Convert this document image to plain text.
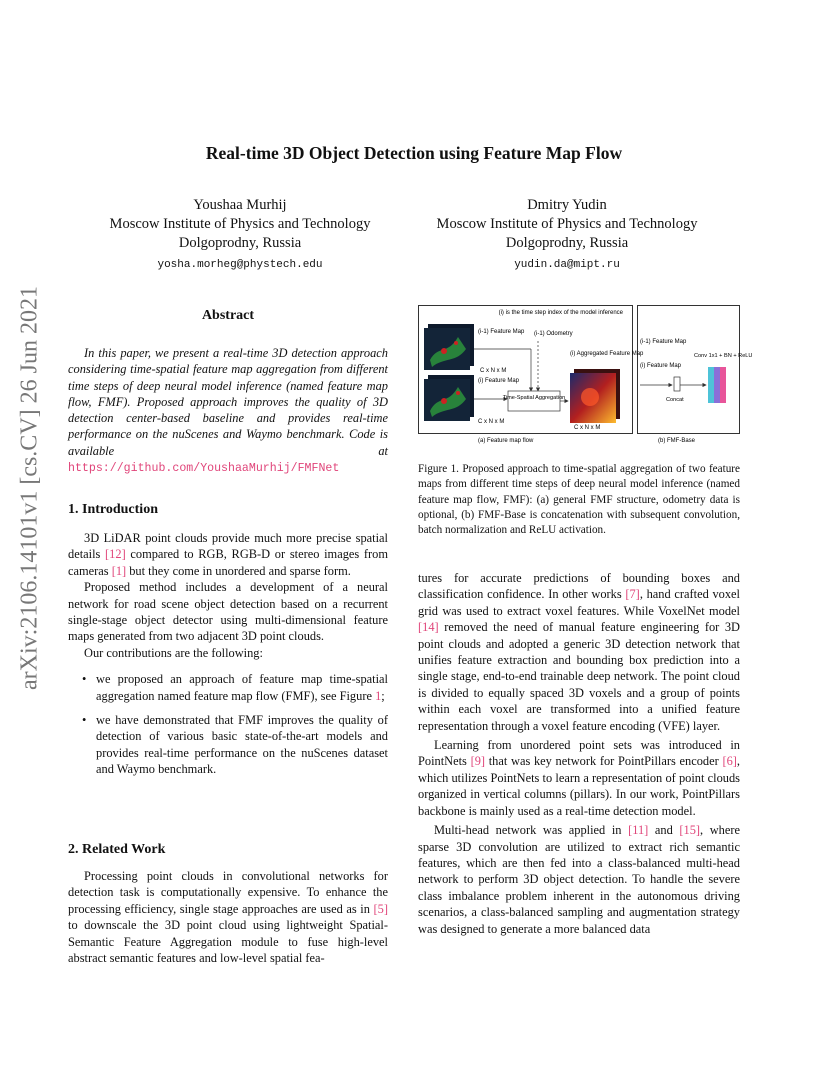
Real-time 3D Object Detection using Feature Map Flow
Youshaa Murhij
Moscow Institute of Physics and Technology
Dolgoprodny, Russia
yosha.morheg@phystech.edu
Dmitry Yudin
Moscow Institute of Physics and Technology
Dolgoprodny, Russia
yudin.da@mipt.ru
arXiv:2106.14101v1 [cs.CV] 26 Jun 2021	Abstract
In this paper, we present a real-time 3D detection approach considering time-spatial feature map aggregation from different time steps of deep neural model inference (named feature map flow, FMF). Proposed approach improves the quality of 3D detection center-based baseline and provides real-time performance on the nuScenes and Waymo benchmark. Code is available at https://github.com/YoushaaMurhij/FMFNet
1. Introduction

3D LiDAR point clouds provide much more precise spatial details [12] compared to RGB, RGB-D or stereo images from cameras [1] but they come in unordered and sparse form.

Proposed method includes a development of a neural network for road scene object detection based on a recurrent single-stage object detector using multi-dimensional feature maps generated from two adjacent 3D point clouds.

Our contributions are the following:

• we proposed an approach of feature map time-spatial aggregation named feature map flow (FMF), see Figure 1;
• we have demonstrated that FMF improves the quality of detection of various basic state-of-the-art models and provides real-time performance on the nuScenes dataset and Waymo benchmark.
2. Related Work

Processing point clouds in convolutional networks for detection task is computationally expensive. To enhance the processing efficiency, single stage approaches are used as in [5] to downscale the 3D point cloud using lightweight Spatial-Semantic Feature Aggregation module to fuse high-level abstract semantic features and low-level spatial fea-

(i) is the time step index of the model inference
(i-1) Feature Map (i-1) Odometry
(i) Aggregated Feature Map
C x N x M
(i) Feature Map
C x N x M
C x N x M
Time-Spatial Aggregation
(a) Feature map flow
(i-1) Feature Map
(i) Feature Map
Conv 1x1 + BN + ReLU
Concat
(b) FMF-Base
Figure 1. Proposed approach to time-spatial aggregation of two feature maps from different time steps of deep neural model inference (named feature map flow, FMF): (a) general FMF structure, odometry data is optional, (b) FMF-Base is concatenation with subsequent convolution, batch normalization and ReLU activation.

tures for accurate predictions of bounding boxes and classification confidence. In other works [7], hand crafted voxel grid was used to extract voxel features. While VoxelNet model [14] removed the need of manual feature engineering for 3D point clouds and adopted a generic 3D detection network that unifies feature extraction and bounding box prediction into a single stage, end-to-end trainable deep network. The point cloud is divided to equally spaced 3D voxels and a group of points within each voxel are transformed into a unified feature representation through a voxel feature encoding (VFE) layer.

Learning from unordered point sets was introduced in PointNets [9] that was key network for PointPillars encoder [6], which utilizes PointNets to learn a representation of point clouds organized in vertical columns (pillars). In our work, PointPillars backbone is mainly used as a real-time detection model.

Multi-head network was applied in [11] and [15], where sparse 3D convolution are utilized to extract rich semantic features, which are then fed into a class-balanced multi-head network to perform 3D object detection. To handle the severe class imbalance problem inherent in the autonomous driving scenarios, a class-balanced sampling and augmentation strategy was designed to generate a more balanced data
